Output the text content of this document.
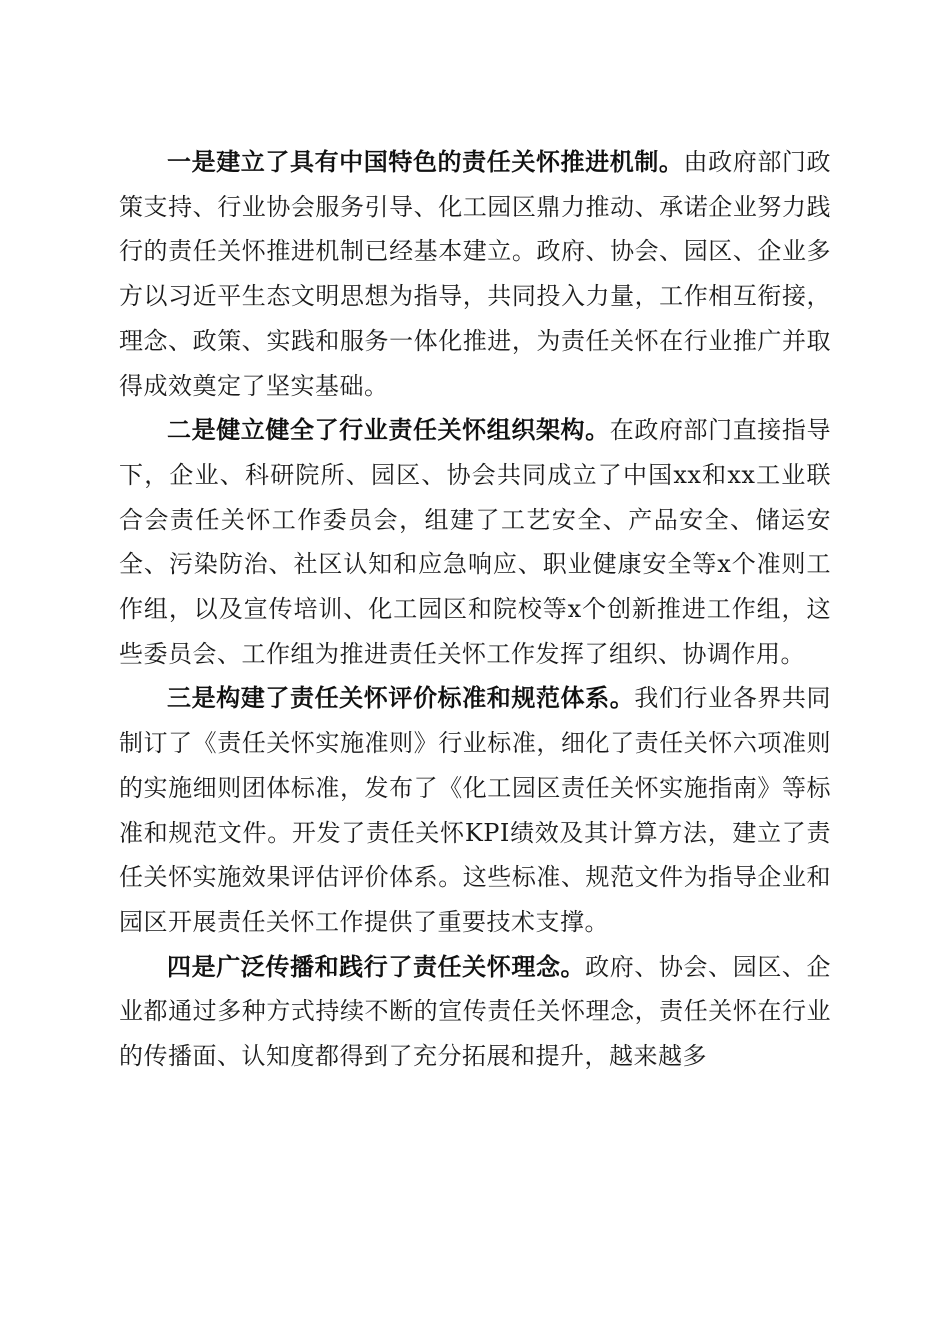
一是建立了具有中国特色的责任关怀推进机制。由政府部门政策支持、行业协会服务引导、化工园区鼎力推动、承诺企业努力践行的责任关怀推进机制已经基本建立。政府、协会、园区、企业多方以习近平生态文明思想为指导，共同投入力量，工作相互衔接，理念、政策、实践和服务一体化推进，为责任关怀在行业推广并取得成效奠定了坚实基础。

二是健立健全了行业责任关怀组织架构。在政府部门直接指导下，企业、科研院所、园区、协会共同成立了中国xx和xx工业联合会责任关怀工作委员会，组建了工艺安全、产品安全、储运安全、污染防治、社区认知和应急响应、职业健康安全等x个准则工作组，以及宣传培训、化工园区和院校等x个创新推进工作组，这些委员会、工作组为推进责任关怀工作发挥了组织、协调作用。

三是构建了责任关怀评价标准和规范体系。我们行业各界共同制订了《责任关怀实施准则》行业标准，细化了责任关怀六项准则的实施细则团体标准，发布了《化工园区责任关怀实施指南》等标准和规范文件。开发了责任关怀KPI绩效及其计算方法，建立了责任关怀实施效果评估评价体系。这些标准、规范文件为指导企业和园区开展责任关怀工作提供了重要技术支撑。

四是广泛传播和践行了责任关怀理念。政府、协会、园区、企业都通过多种方式持续不断的宣传责任关怀理念，责任关怀在行业的传播面、认知度都得到了充分拓展和提升，越来越多
